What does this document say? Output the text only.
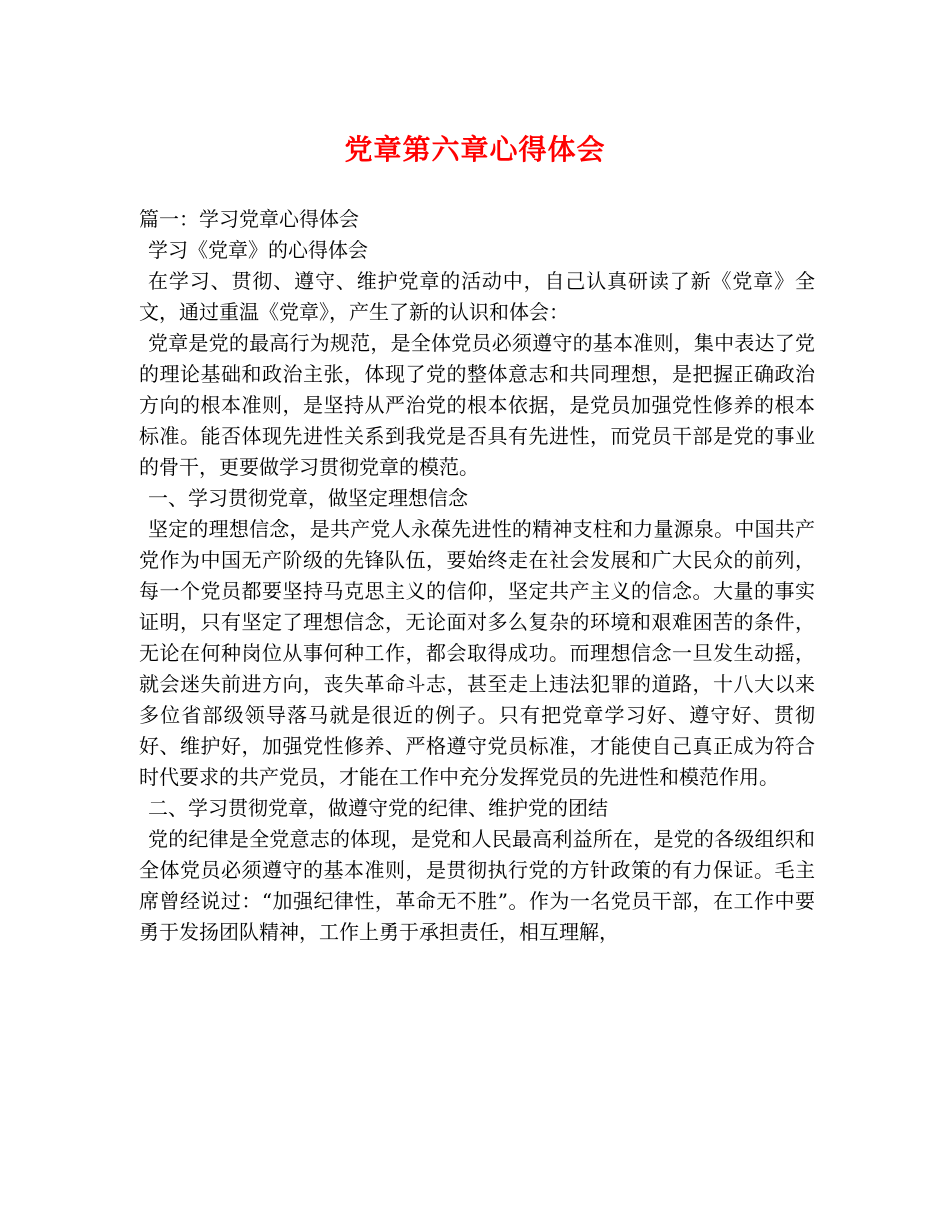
党章第六章心得体会

篇一：学习党章心得体会

学习《党章》的心得体会

在学习、贯彻、遵守、维护党章的活动中，自己认真研读了新《党章》全文，通过重温《党章》，产生了新的认识和体会：

党章是党的最高行为规范，是全体党员必须遵守的基本准则，集中表达了党的理论基础和政治主张，体现了党的整体意志和共同理想，是把握正确政治方向的根本准则，是坚持从严治党的根本依据，是党员加强党性修养的根本标准。能否体现先进性关系到我党是否具有先进性，而党员干部是党的事业的骨干，更要做学习贯彻党章的模范。

一、学习贯彻党章，做坚定理想信念

坚定的理想信念，是共产党人永葆先进性的精神支柱和力量源泉。中国共产党作为中国无产阶级的先锋队伍，要始终走在社会发展和广大民众的前列，每一个党员都要坚持马克思主义的信仰，坚定共产主义的信念。大量的事实证明，只有坚定了理想信念，无论面对多么复杂的环境和艰难困苦的条件，无论在何种岗位从事何种工作，都会取得成功。而理想信念一旦发生动摇，就会迷失前进方向，丧失革命斗志，甚至走上违法犯罪的道路，十八大以来多位省部级领导落马就是很近的例子。只有把党章学习好、遵守好、贯彻好、维护好，加强党性修养、严格遵守党员标准，才能使自己真正成为符合时代要求的共产党员，才能在工作中充分发挥党员的先进性和模范作用。

二、学习贯彻党章，做遵守党的纪律、维护党的团结

党的纪律是全党意志的体现，是党和人民最高利益所在，是党的各级组织和全体党员必须遵守的基本准则，是贯彻执行党的方针政策的有力保证。毛主席曾经说过：“加强纪律性，革命无不胜”。作为一名党员干部，在工作中要勇于发扬团队精神，工作上勇于承担责任，相互理解，
